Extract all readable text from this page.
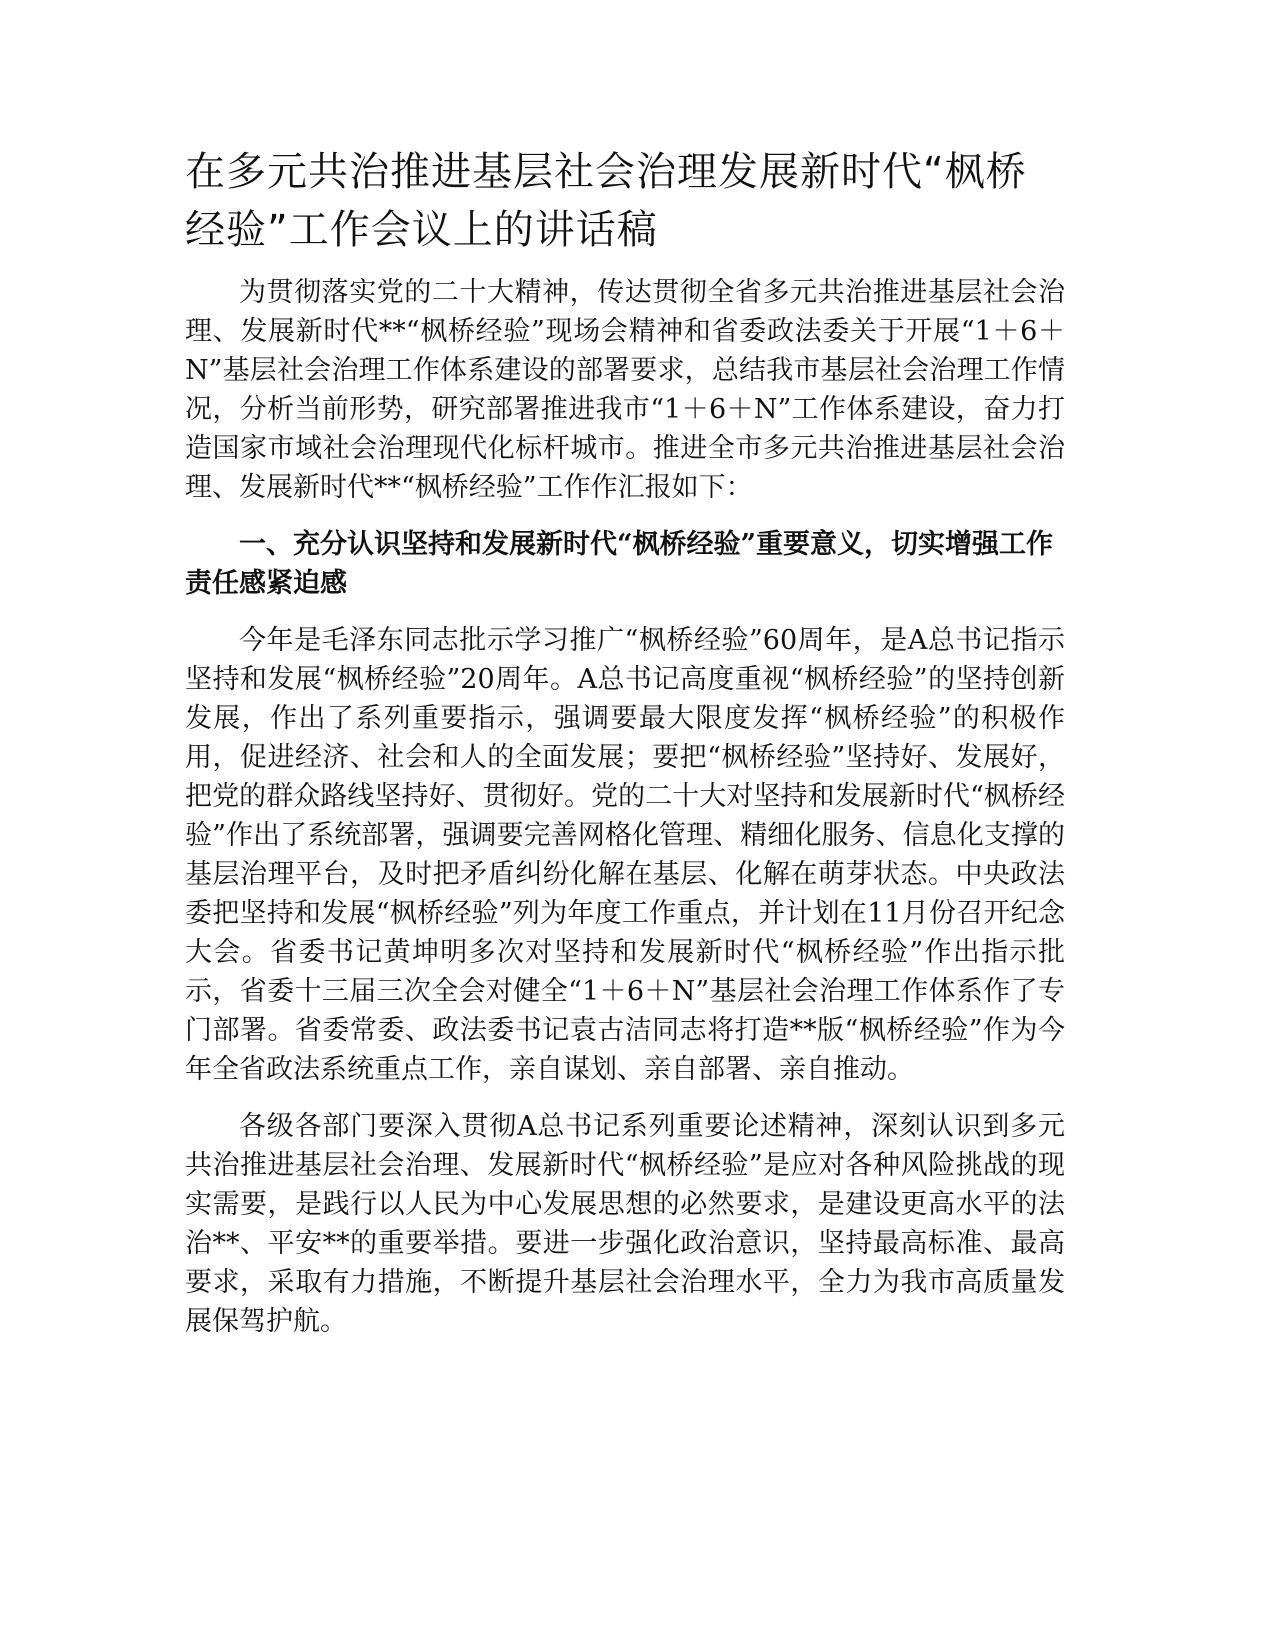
在多元共治推进基层社会治理发展新时代“枫桥经验”工作会议上的讲话稿

为贯彻落实党的二十大精神，传达贯彻全省多元共治推进基层社会治理、发展新时代**“枫桥经验”现场会精神和省委政法委关于开展“1＋6＋N”基层社会治理工作体系建设的部署要求，总结我市基层社会治理工作情况，分析当前形势，研究部署推进我市“1＋6＋N”工作体系建设，奋力打造国家市域社会治理现代化标杆城市。推进全市多元共治推进基层社会治理、发展新时代**“枫桥经验”工作作汇报如下：

一、充分认识坚持和发展新时代“枫桥经验”重要意义，切实增强工作责任感紧迫感

今年是毛泽东同志批示学习推广“枫桥经验”60周年，是A总书记指示坚持和发展“枫桥经验”20周年。A总书记高度重视“枫桥经验”的坚持创新发展，作出了系列重要指示，强调要最大限度发挥“枫桥经验”的积极作用，促进经济、社会和人的全面发展；要把“枫桥经验”坚持好、发展好，把党的群众路线坚持好、贯彻好。党的二十大对坚持和发展新时代“枫桥经验”作出了系统部署，强调要完善网格化管理、精细化服务、信息化支撑的基层治理平台，及时把矛盾纠纷化解在基层、化解在萌芽状态。中央政法委把坚持和发展“枫桥经验”列为年度工作重点，并计划在11月份召开纪念大会。省委书记黄坤明多次对坚持和发展新时代“枫桥经验”作出指示批示，省委十三届三次全会对健全“1＋6＋N”基层社会治理工作体系作了专门部署。省委常委、政法委书记袁古洁同志将打造**版“枫桥经验”作为今年全省政法系统重点工作，亲自谋划、亲自部署、亲自推动。

各级各部门要深入贯彻A总书记系列重要论述精神，深刻认识到多元共治推进基层社会治理、发展新时代“枫桥经验”是应对各种风险挑战的现实需要，是践行以人民为中心发展思想的必然要求，是建设更高水平的法治**、平安**的重要举措。要进一步强化政治意识，坚持最高标准、最高要求，采取有力措施，不断提升基层社会治理水平，全力为我市高质量发展保驾护航。
